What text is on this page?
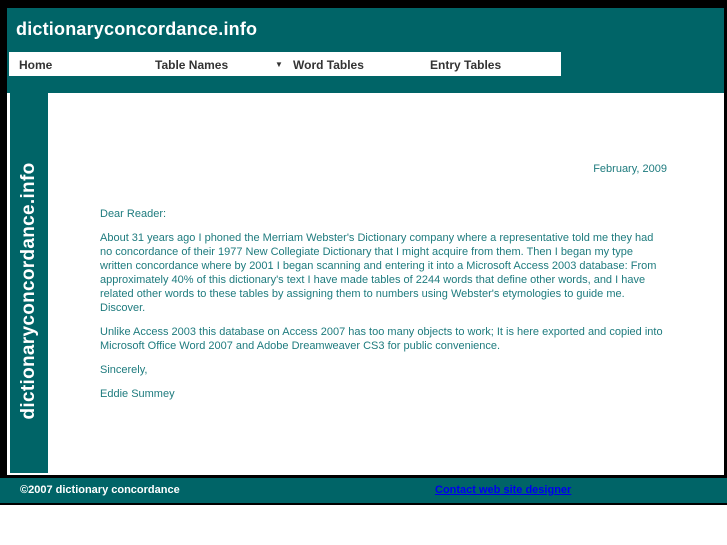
dictionaryconcordance.info
Home	Table Names	▼ Word Tables	Entry Tables
dictionaryconcordance.info	February, 2009

Dear Reader:

About 31 years ago I phoned the Merriam Webster's Dictionary company where a representative told me they had no concordance of their 1977 New Collegiate Dictionary that I might acquire from them. Then I began my type written concordance where by 2001 I began scanning and entering it into a Microsoft Access 2003 database: From approximately 40% of this dictionary's text I have made tables of 2244 words that define other words, and I have related other words to these tables by assigning them to numbers using Webster's etymologies to guide me. Discover.

Unlike Access 2003 this database on Access 2007 has too many objects to work; It is here exported and copied into Microsoft Office Word 2007 and Adobe Dreamweaver CS3 for public convenience.

Sincerely,

Eddie Summey

©2007 dictionary concordance	Contact web site designer
